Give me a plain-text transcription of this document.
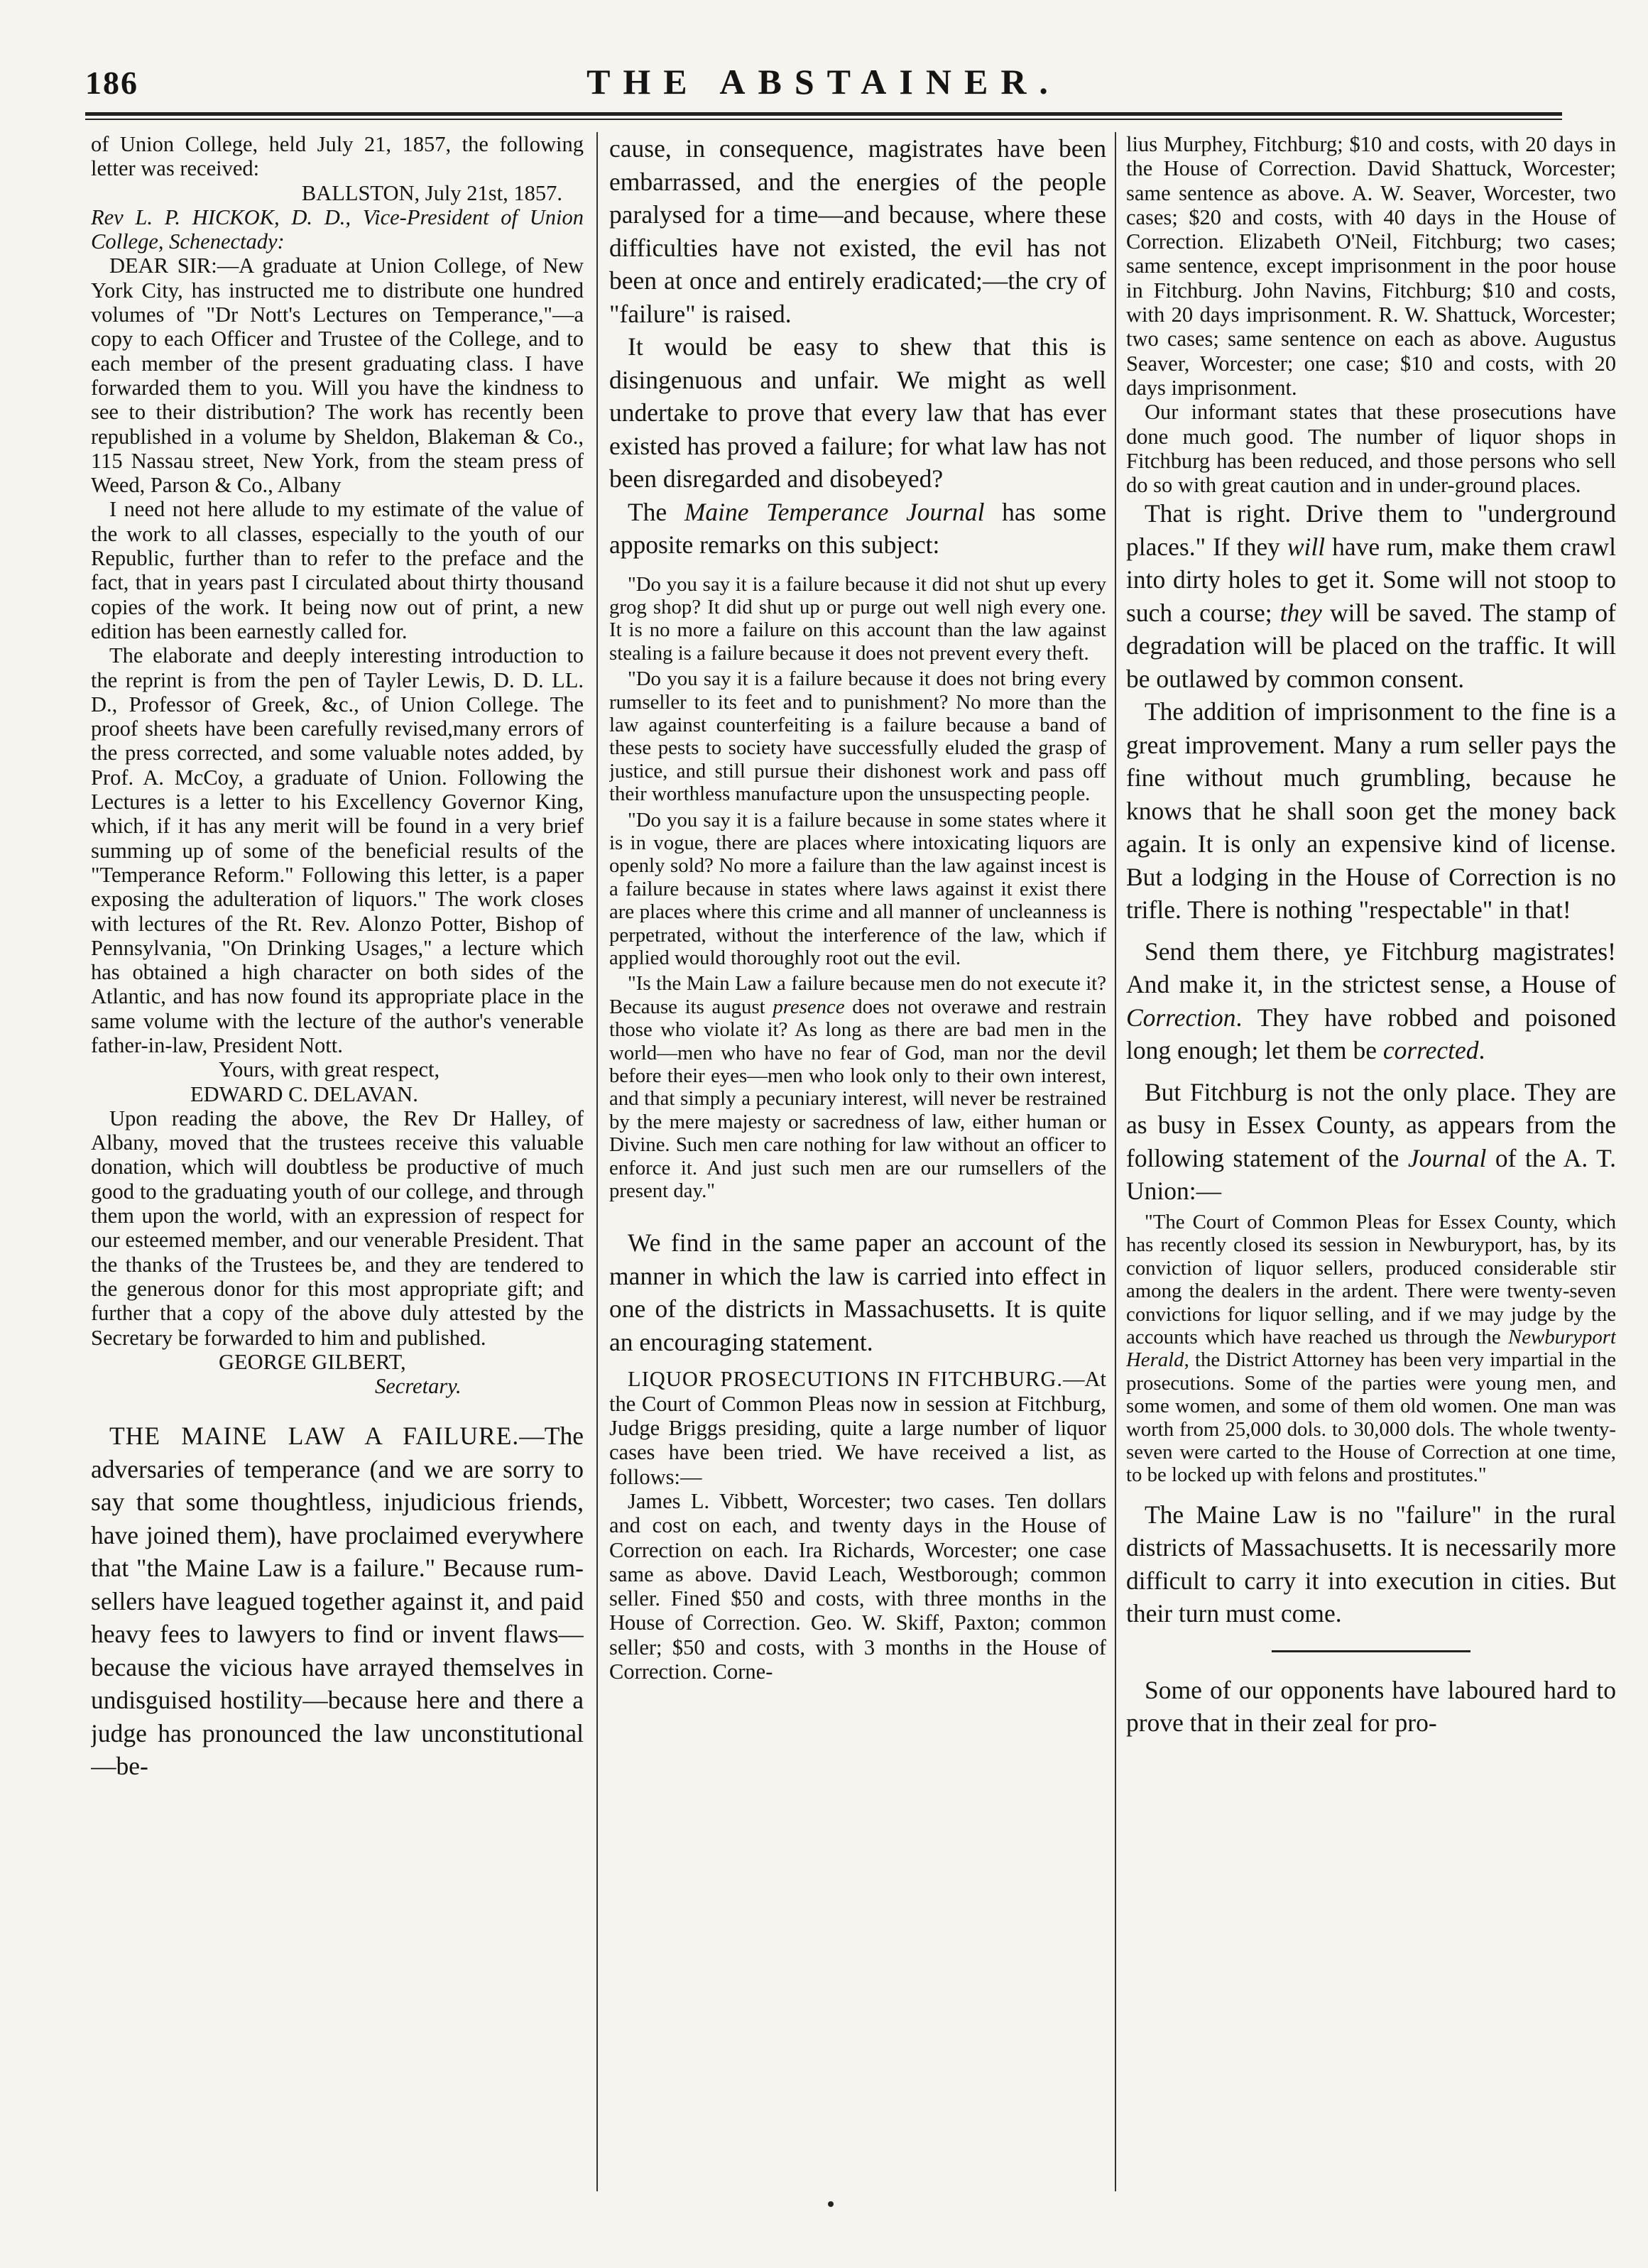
186	THE ABSTAINER.

of Union College, held July 21, 1857, the following letter was received:

BALLSTON, July 21st, 1857.

Rev L. P. HICKOK, D. D., Vice-President of Union College, Schenectady:

DEAR SIR:—A graduate at Union College, of New York City, has instructed me to distribute one hundred volumes of "Dr Nott's Lectures on Temperance,"—a copy to each Officer and Trustee of the College, and to each member of the present graduating class. I have forwarded them to you. Will you have the kindness to see to their distribution? The work has recently been republished in a volume by Sheldon, Blakeman & Co., 115 Nassau street, New York, from the steam press of Weed, Parson & Co., Albany

I need not here allude to my estimate of the value of the work to all classes, especially to the youth of our Republic, further than to refer to the preface and the fact, that in years past I circulated about thirty thousand copies of the work. It being now out of print, a new edition has been earnestly called for.

The elaborate and deeply interesting introduction to the reprint is from the pen of Tayler Lewis, D. D. LL. D., Professor of Greek, &c., of Union College. The proof sheets have been carefully revised,many errors of the press corrected, and some valuable notes added, by Prof. A. McCoy, a graduate of Union. Following the Lectures is a letter to his Excellency Governor King, which, if it has any merit will be found in a very brief summing up of some of the beneficial results of the "Temperance Reform." Following this letter, is a paper exposing the adulteration of liquors." The work closes with lectures of the Rt. Rev. Alonzo Potter, Bishop of Pennsylvania, "On Drinking Usages," a lecture which has obtained a high character on both sides of the Atlantic, and has now found its appropriate place in the same volume with the lecture of the author's venerable father-in-law, President Nott.

Yours, with great respect,

EDWARD C. DELAVAN.

Upon reading the above, the Rev Dr Halley, of Albany, moved that the trustees receive this valuable donation, which will doubtless be productive of much good to the graduating youth of our college, and through them upon the world, with an expression of respect for our esteemed member, and our venerable President. That the thanks of the Trustees be, and they are tendered to the generous donor for this most appropriate gift; and further that a copy of the above duly attested by the Secretary be forwarded to him and published.

GEORGE GILBERT,

Secretary.

THE MAINE LAW A FAILURE.—The adversaries of temperance (and we are sorry to say that some thoughtless, injudicious friends, have joined them), have proclaimed everywhere that "the Maine Law is a failure." Because rum-sellers have leagued together against it, and paid heavy fees to lawyers to find or invent flaws—because the vicious have arrayed themselves in undisguised hostility—because here and there a judge has pronounced the law unconstitutional—be-

cause, in consequence, magistrates have been embarrassed, and the energies of the people paralysed for a time—and because, where these difficulties have not existed, the evil has not been at once and entirely eradicated;—the cry of "failure" is raised.

It would be easy to shew that this is disingenuous and unfair. We might as well undertake to prove that every law that has ever existed has proved a failure; for what law has not been disregarded and disobeyed?

The Maine Temperance Journal has some apposite remarks on this subject:

"Do you say it is a failure because it did not shut up every grog shop? It did shut up or purge out well nigh every one. It is no more a failure on this account than the law against stealing is a failure because it does not prevent every theft.

"Do you say it is a failure because it does not bring every rumseller to its feet and to punishment? No more than the law against counterfeiting is a failure because a band of these pests to society have successfully eluded the grasp of justice, and still pursue their dishonest work and pass off their worthless manufacture upon the unsuspecting people.

"Do you say it is a failure because in some states where it is in vogue, there are places where intoxicating liquors are openly sold? No more a failure than the law against incest is a failure because in states where laws against it exist there are places where this crime and all manner of uncleanness is perpetrated, without the interference of the law, which if applied would thoroughly root out the evil.

"Is the Main Law a failure because men do not execute it? Because its august presence does not overawe and restrain those who violate it? As long as there are bad men in the world—men who have no fear of God, man nor the devil before their eyes—men who look only to their own interest, and that simply a pecuniary interest, will never be restrained by the mere majesty or sacredness of law, either human or Divine. Such men care nothing for law without an officer to enforce it. And just such men are our rumsellers of the present day."

We find in the same paper an account of the manner in which the law is carried into effect in one of the districts in Massachusetts. It is quite an encouraging statement.

LIQUOR PROSECUTIONS IN FITCHBURG.—At the Court of Common Pleas now in session at Fitchburg, Judge Briggs presiding, quite a large number of liquor cases have been tried. We have received a list, as follows:—

James L. Vibbett, Worcester; two cases. Ten dollars and cost on each, and twenty days in the House of Correction on each. Ira Richards, Worcester; one case same as above. David Leach, Westborough; common seller. Fined $50 and costs, with three months in the House of Correction. Geo. W. Skiff, Paxton; common seller; $50 and costs, with 3 months in the House of Correction. Corne-

lius Murphey, Fitchburg; $10 and costs, with 20 days in the House of Correction. David Shattuck, Worcester; same sentence as above. A. W. Seaver, Worcester, two cases; $20 and costs, with 40 days in the House of Correction. Elizabeth O'Neil, Fitchburg; two cases; same sentence, except imprisonment in the poor house in Fitchburg. John Navins, Fitchburg; $10 and costs, with 20 days imprisonment. R. W. Shattuck, Worcester; two cases; same sentence on each as above. Augustus Seaver, Worcester; one case; $10 and costs, with 20 days imprisonment.

Our informant states that these prosecutions have done much good. The number of liquor shops in Fitchburg has been reduced, and those persons who sell do so with great caution and in under-ground places.

That is right. Drive them to "underground places." If they will have rum, make them crawl into dirty holes to get it. Some will not stoop to such a course; they will be saved. The stamp of degradation will be placed on the traffic. It will be outlawed by common consent.

The addition of imprisonment to the fine is a great improvement. Many a rum seller pays the fine without much grumbling, because he knows that he shall soon get the money back again. It is only an expensive kind of license. But a lodging in the House of Correction is no trifle. There is nothing "respectable" in that!

Send them there, ye Fitchburg magistrates! And make it, in the strictest sense, a House of Correction. They have robbed and poisoned long enough; let them be corrected.

But Fitchburg is not the only place. They are as busy in Essex County, as appears from the following statement of the Journal of the A. T. Union:—

"The Court of Common Pleas for Essex County, which has recently closed its session in Newburyport, has, by its conviction of liquor sellers, produced considerable stir among the dealers in the ardent. There were twenty-seven convictions for liquor selling, and if we may judge by the accounts which have reached us through the Newburyport Herald, the District Attorney has been very impartial in the prosecutions. Some of the parties were young men, and some women, and some of them old women. One man was worth from 25,000 dols. to 30,000 dols. The whole twenty-seven were carted to the House of Correction at one time, to be locked up with felons and prostitutes."

The Maine Law is no "failure" in the rural districts of Massachusetts. It is necessarily more difficult to carry it into execution in cities. But their turn must come.

Some of our opponents have laboured hard to prove that in their zeal for pro-
